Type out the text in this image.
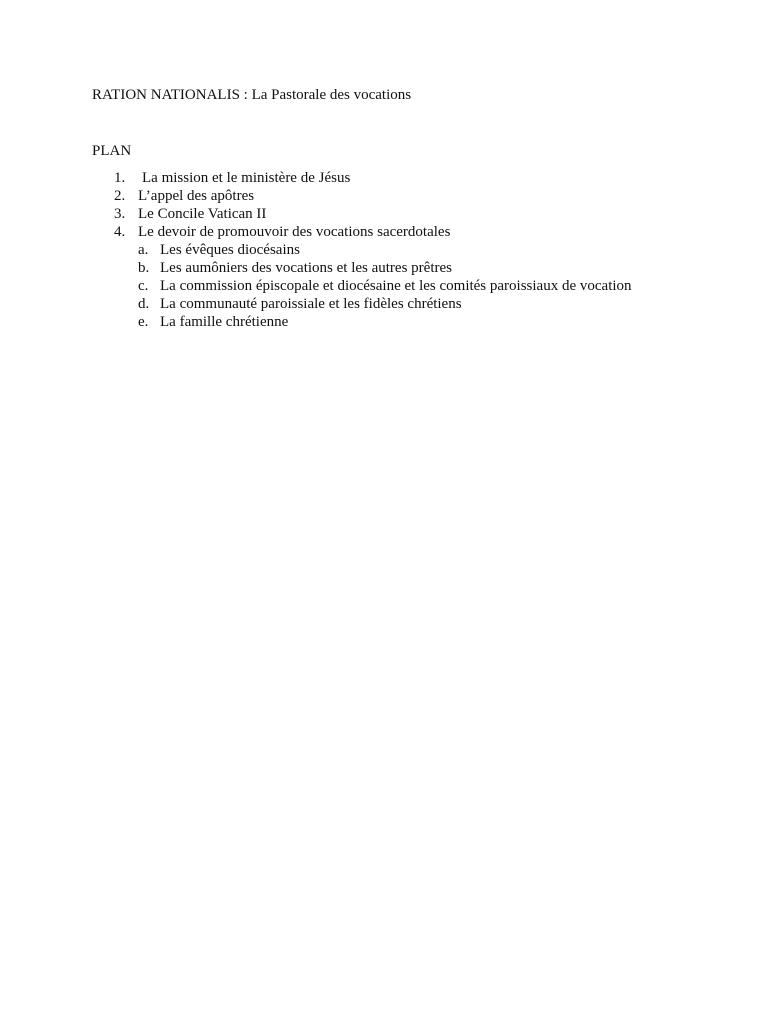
RATION NATIONALIS : La Pastorale des vocations
PLAN
1.	La mission et le ministère de Jésus
2. L’appel des apôtres
3. Le Concile Vatican II
4. Le devoir de promouvoir des vocations sacerdotales
a. Les évêques diocésains
b. Les aumôniers des vocations et les autres prêtres
c. La commission épiscopale et diocésaine et les comités paroissiaux de vocation
d. La communauté paroissiale et les fidèles chrétiens
e. La famille chrétienne
